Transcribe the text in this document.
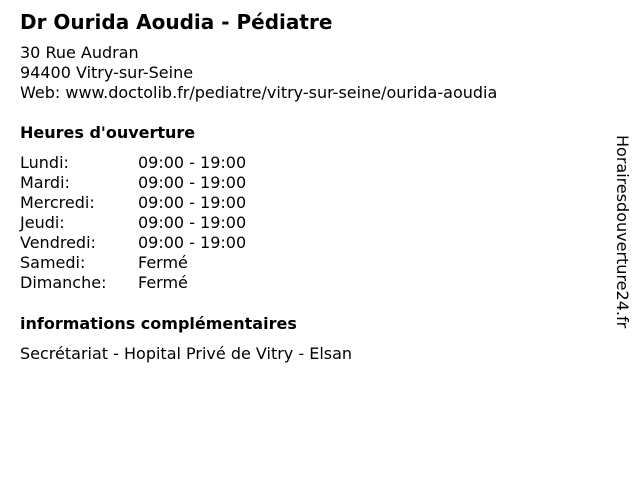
Dr Ourida Aoudia - Pédiatre
30 Rue Audran
94400 Vitry-sur-Seine
Web: www.doctolib.fr/pediatre/vitry-sur-seine/ourida-aoudia
Heures d'ouverture
Lundi:	09:00 - 19:00
Mardi:	09:00 - 19:00
Mercredi:	09:00 - 19:00
Jeudi:	09:00 - 19:00
Vendredi:	09:00 - 19:00
Samedi:	Fermé
Dimanche:	Fermé
informations complémentaires
Secrétariat - Hopital Privé de Vitry - Elsan
Horairesdouverture24.fr
